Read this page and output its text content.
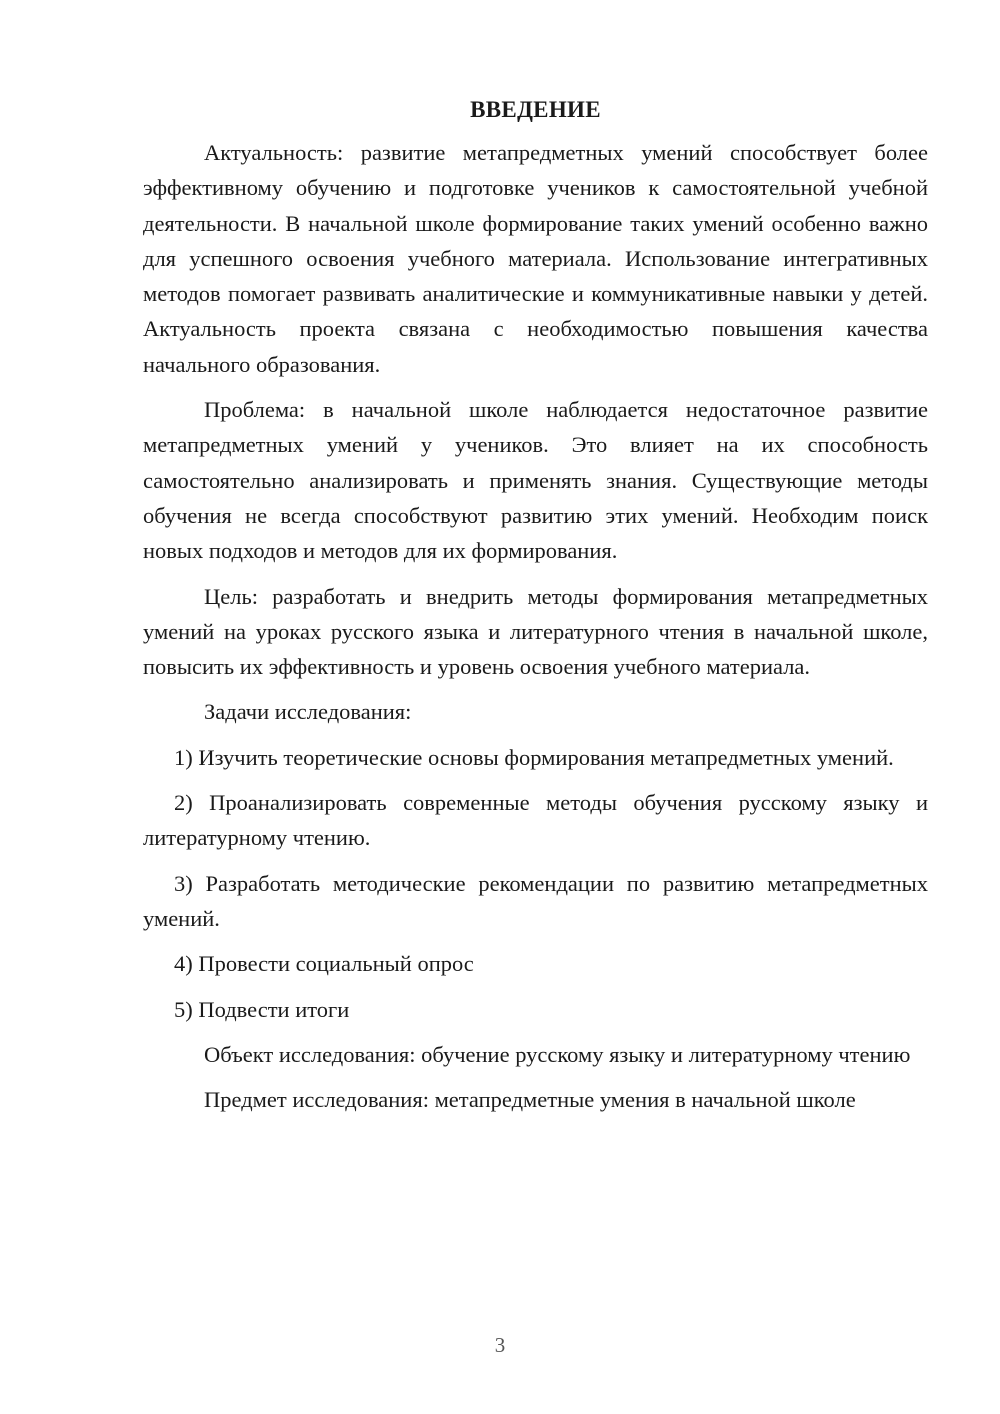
ВВЕДЕНИЕ

Актуальность: развитие метапредметных умений способствует более эффективному обучению и подготовке учеников к самостоятельной учебной деятельности. В начальной школе формирование таких умений особенно важно для успешного освоения учебного материала. Использование интегративных методов помогает развивать аналитические и коммуникативные навыки у детей. Актуальность проекта связана с необходимостью повышения качества начального образования.

Проблема: в начальной школе наблюдается недостаточное развитие метапредметных умений у учеников. Это влияет на их способность самостоятельно анализировать и применять знания. Существующие методы обучения не всегда способствуют развитию этих умений. Необходим поиск новых подходов и методов для их формирования.

Цель: разработать и внедрить методы формирования метапредметных умений на уроках русского языка и литературного чтения в начальной школе, повысить их эффективность и уровень освоения учебного материала.

Задачи исследования:

1) Изучить теоретические основы формирования метапредметных умений.

2) Проанализировать современные методы обучения русскому языку и литературному чтению.

3) Разработать методические рекомендации по развитию метапредметных умений.

4) Провести социальный опрос

5) Подвести итоги

Объект исследования: обучение русскому языку и литературному чтению

Предмет исследования: метапредметные умения в начальной школе

3
